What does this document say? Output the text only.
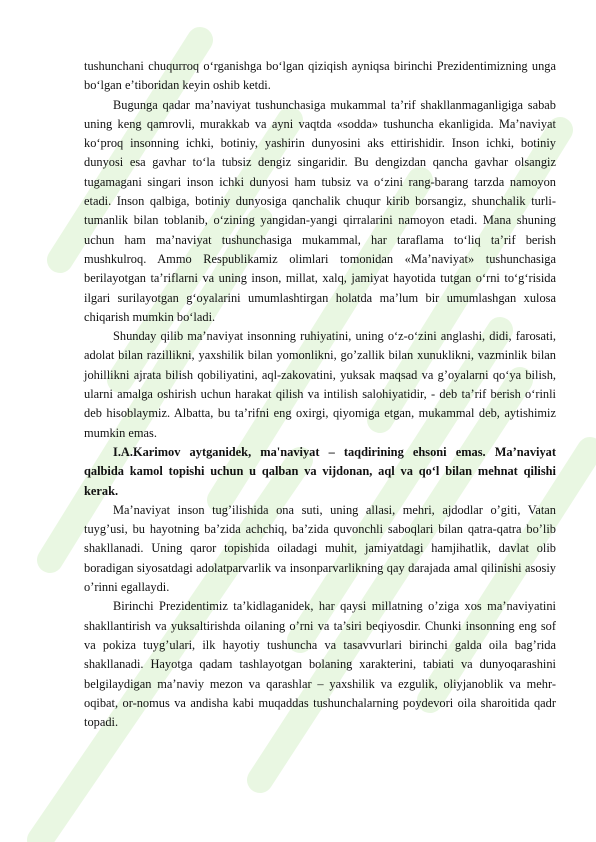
tushunchani chuqurroq oʻrganishga boʻlgan qiziqish ayniqsa birinchi Prezidentimizning unga boʻlgan eʼtiboridan keyin oshib ketdi.

Bugunga qadar maʼnaviyat tushunchasiga mukammal ta’rif shakllanmaganligiga sabab uning keng qamrovli, murakkab va ayni vaqtda «sodda» tushuncha ekanligida. Maʼnaviyat koʻproq insonning ichki, botiniy, yashirin dunyosini aks ettirishidir. Inson ichki, botiniy dunyosi esa gavhar toʻla tubsiz dengiz singaridir. Bu dengizdan qancha gavhar olsangiz tugamagani singari inson ichki dunyosi ham tubsiz va oʻzini rang-barang tarzda namoyon etadi. Inson qalbiga, botiniy dunyosiga qanchalik chuqur kirib borsangiz, shunchalik turli-tumanlik bilan toblanib, oʻzining yangidan-yangi qirralarini namoyon etadi. Mana shuning uchun ham maʼnaviyat tushunchasiga mukammal, har taraflama toʻliq taʼrif berish mushkulroq. Ammo Respublikamiz olimlari tomonidan «Maʼnaviyat» tushunchasiga berilayotgan taʼriflarni va uning inson, millat, xalq, jamiyat hayotida tutgan oʻrni toʻgʻrisida ilgari surilayotgan gʻoyalarini umumlashtirgan holatda maʼlum bir umumlashgan xulosa chiqarish mumkin boʻladi.

Shunday qilib maʼnaviyat insonning ruhiyatini, uning oʻz-oʻzini anglashi, didi, farosati, adolat bilan razillikni, yaxshilik bilan yomonlikni, go’zallik bilan xunuklikni, vazminlik bilan johillikni ajrata bilish qobiliyatini, aql-zakovatini, yuksak maqsad va g’oyalarni qoʻya bilish, ularni amalga oshirish uchun harakat qilish va intilish salohiyatidir, - deb taʼrif berish oʻrinli deb hisoblaymiz. Albatta, bu ta’rifni eng oxirgi, qiyomiga etgan, mukammal deb, aytishimiz mumkin emas.

I.A.Karimov aytganidek, ma'naviyat – taqdirining ehsoni emas. Maʼnaviyat qalbida kamol topishi uchun u qalban va vijdonan, aql va qoʻl bilan mehnat qilishi kerak.

Maʼnaviyat inson tug’ilishida ona suti, uning allasi, mehri, ajdodlar o’giti, Vatan tuyg’usi, bu hayotning ba’zida achchiq, ba’zida quvonchli saboqlari bilan qatra-qatra bo’lib shakllanadi. Uning qaror topishida oiladagi muhit, jamiyatdagi hamjihatlik, davlat olib boradigan siyosatdagi adolatparvarlik va insonparvarlikning qay darajada amal qilinishi asosiy o’rinni egallaydi.

Birinchi Prezidentimiz ta’kidlaganidek, har qaysi millatning o’ziga xos ma’naviyatini shakllantirish va yuksaltirishda oilaning o’rni va ta’siri beqiyosdir. Chunki insonning eng sof va pokiza tuyg’ulari, ilk hayotiy tushuncha va tasavvurlari birinchi galda oila bag’rida shakllanadi. Hayotga qadam tashlayotgan bolaning xarakterini, tabiati va dunyoqarashini belgilaydigan ma’naviy mezon va qarashlar – yaxshilik va ezgulik, oliyjanoblik va mehr-oqibat, or-nomus va andisha kabi muqaddas tushunchalarning poydevori oila sharoitida qadr topadi.
